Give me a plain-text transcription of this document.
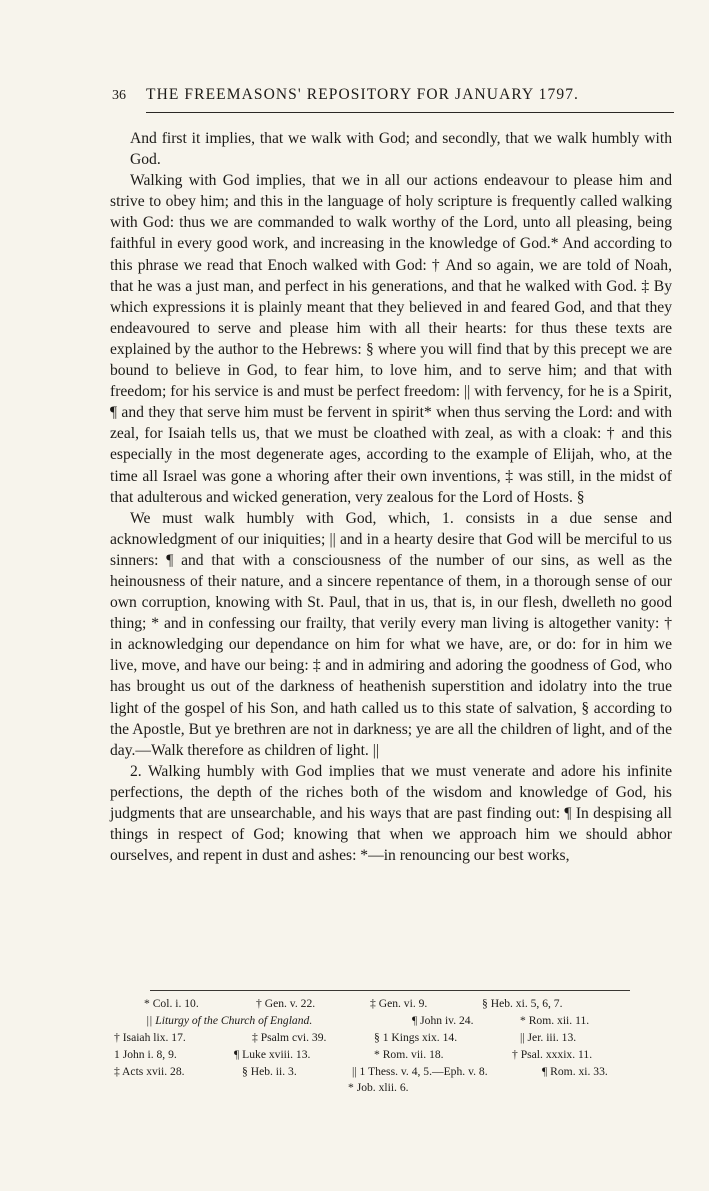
36 THE FREEMASONS' REPOSITORY FOR JANUARY 1797.

And first it implies, that we walk with God; and secondly, that we walk humbly with God.

Walking with God implies, that we in all our actions endeavour to please him and strive to obey him; and this in the language of holy scripture is frequently called walking with God: thus we are commanded to walk worthy of the Lord, unto all pleasing, being faithful in every good work, and increasing in the knowledge of God.* And according to this phrase we read that Enoch walked with God: † And so again, we are told of Noah, that he was a just man, and perfect in his generations, and that he walked with God. ‡ By which expressions it is plainly meant that they believed in and feared God, and that they endeavoured to serve and please him with all their hearts: for thus these texts are explained by the author to the Hebrews: § where you will find that by this precept we are bound to believe in God, to fear him, to love him, and to serve him; and that with freedom; for his service is and must be perfect freedom: || with fervency, for he is a Spirit, ¶ and they that serve him must be fervent in spirit* when thus serving the Lord: and with zeal, for Isaiah tells us, that we must be cloathed with zeal, as with a cloak: † and this especially in the most degenerate ages, according to the example of Elijah, who, at the time all Israel was gone a whoring after their own inventions, ‡ was still, in the midst of that adulterous and wicked generation, very zealous for the Lord of Hosts. §

We must walk humbly with God, which, 1. consists in a due sense and acknowledgment of our iniquities; || and in a hearty desire that God will be merciful to us sinners: ¶ and that with a consciousness of the number of our sins, as well as the heinousness of their nature, and a sincere repentance of them, in a thorough sense of our own corruption, knowing with St. Paul, that in us, that is, in our flesh, dwelleth no good thing; * and in confessing our frailty, that verily every man living is altogether vanity: † in acknowledging our dependance on him for what we have, are, or do: for in him we live, move, and have our being: ‡ and in admiring and adoring the goodness of God, who has brought us out of the darkness of heathenish superstition and idolatry into the true light of the gospel of his Son, and hath called us to this state of salvation, § according to the Apostle, But ye brethren are not in darkness; ye are all the children of light, and of the day.—Walk therefore as children of light. ||

2. Walking humbly with God implies that we must venerate and adore his infinite perfections, the depth of the riches both of the wisdom and knowledge of God, his judgments that are unsearchable, and his ways that are past finding out: ¶ In despising all things in respect of God; knowing that when we approach him we should abhor ourselves, and repent in dust and ashes: *—in renouncing our best works,

* Col. i. 10.	† Gen. v. 22.	‡ Gen. vi. 9.	§ Heb. xi. 5, 6, 7.
|| Liturgy of the Church of England.	¶ John iv. 24.	* Rom. xii. 11.
† Isaiah lix. 17.	‡ Psalm cvi. 39.	§ 1 Kings xix. 14.	|| Jer. iii. 13.
1 John i. 8, 9.	¶ Luke xviii. 13.	* Rom. vii. 18.	† Psal. xxxix. 11.
‡ Acts xvii. 28.	§ Heb. ii. 3.	|| 1 Thess. v. 4, 5.—Eph. v. 8.	¶ Rom. xi. 33.
* Job. xlii. 6.
